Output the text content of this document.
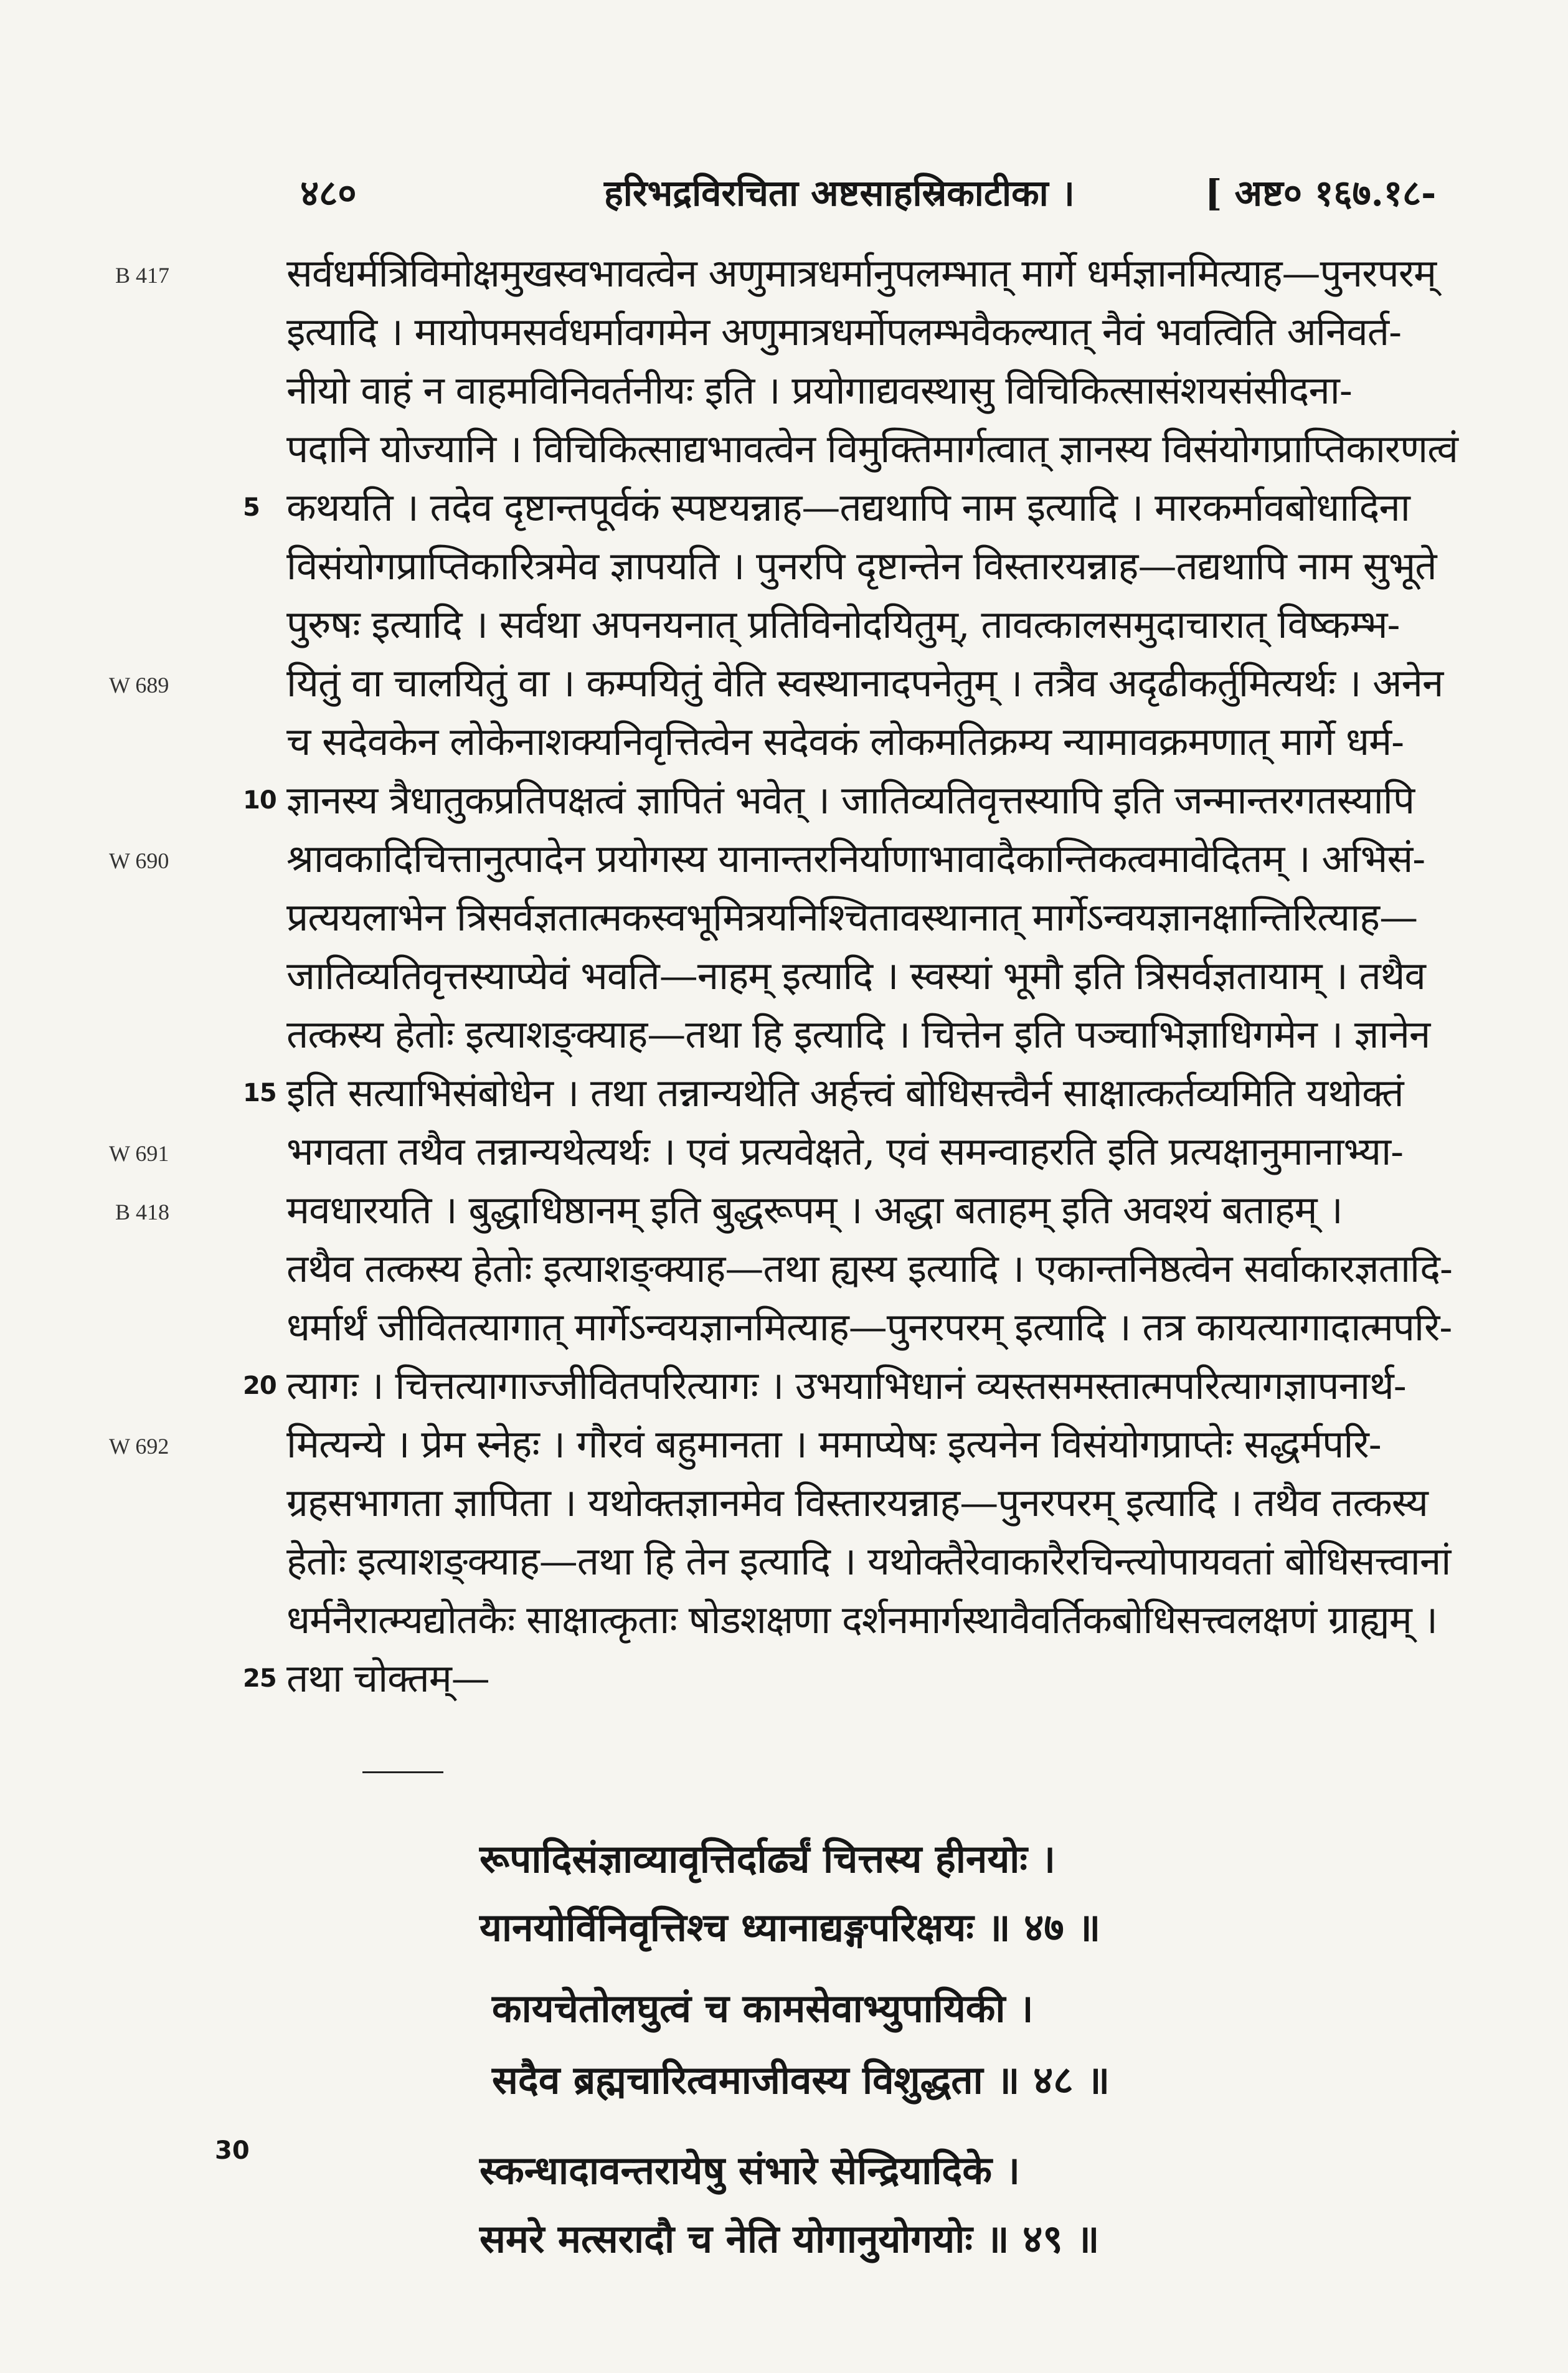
४८०	हरिभद्रविरचिता अष्टसाहस्रिकाटीका ।	[ अष्ट० १६७.१८-
B 417
W 689
W 690
W 691
B 418
W 692
सर्वधर्मत्रिविमोक्षमुखस्वभावत्वेन अणुमात्रधर्मानुपलम्भात् मार्गे धर्मज्ञानमित्याह—पुनरपरम्
इत्यादि । मायोपमसर्वधर्मावगमेन अणुमात्रधर्मोपलम्भवैकल्यात् नैवं भवत्विति अनिवर्त-
नीयो वाहं न वाहमविनिवर्तनीयः इति । प्रयोगाद्यवस्थासु विचिकित्सासंशयसंसीदना-
पदानि योज्यानि । विचिकित्साद्यभावत्वेन विमुक्तिमार्गत्वात् ज्ञानस्य विसंयोगप्राप्तिकारणत्वं
5 कथयति । तदेव दृष्टान्तपूर्वकं स्पष्टयन्नाह—तद्यथापि नाम इत्यादि । मारकर्मावबोधादिना
विसंयोगप्राप्तिकारित्रमेव ज्ञापयति । पुनरपि दृष्टान्तेन विस्तारयन्नाह—तद्यथापि नाम सुभूते
पुरुषः इत्यादि । सर्वथा अपनयनात् प्रतिविनोदयितुम्, तावत्कालसमुदाचारात् विष्कम्भ-
यितुं वा चालयितुं वा । कम्पयितुं वेति स्वस्थानादपनेतुम् । तत्रैव अदृढीकर्तुमित्यर्थः । अनेन
च सदेवकेन लोकेनाशक्यनिवृत्तित्वेन सदेवकं लोकमतिक्रम्य न्यामावक्रमणात् मार्गे धर्म-
10 ज्ञानस्य त्रैधातुकप्रतिपक्षत्वं ज्ञापितं भवेत् । जातिव्यतिवृत्तस्यापि इति जन्मान्तरगतस्यापि
श्रावकादिचित्तानुत्पादेन प्रयोगस्य यानान्तरनिर्याणाभावादैकान्तिकत्वमावेदितम् । अभिसं-
प्रत्ययलाभेन त्रिसर्वज्ञतात्मकस्वभूमित्रयनिश्चितावस्थानात् मार्गेऽन्वयज्ञानक्षान्तिरित्याह—
जातिव्यतिवृत्तस्याप्येवं भवति—नाहम् इत्यादि । स्वस्यां भूमौ इति त्रिसर्वज्ञतायाम् । तथैव
तत्कस्य हेतोः इत्याशङ्क्याह—तथा हि इत्यादि । चित्तेन इति पञ्चाभिज्ञाधिगमेन । ज्ञानेन
15 इति सत्याभिसंबोधेन । तथा तन्नान्यथेति अर्हत्त्वं बोधिसत्त्वैर्न साक्षात्कर्तव्यमिति यथोक्तं
भगवता तथैव तन्नान्यथेत्यर्थः । एवं प्रत्यवेक्षते, एवं समन्वाहरति इति प्रत्यक्षानुमानाभ्या-
मवधारयति । बुद्धाधिष्ठानम् इति बुद्धरूपम् । अद्धा बताहम् इति अवश्यं बताहम् ।
तथैव तत्कस्य हेतोः इत्याशङ्क्याह—तथा ह्यस्य इत्यादि । एकान्तनिष्ठत्वेन सर्वाकारज्ञतादि-
धर्मार्थं जीवितत्यागात् मार्गेऽन्वयज्ञानमित्याह—पुनरपरम् इत्यादि । तत्र कायत्यागादात्मपरि-
20 त्यागः । चित्तत्यागाज्जीवितपरित्यागः । उभयाभिधानं व्यस्तसमस्तात्मपरित्यागज्ञापनार्थ-
मित्यन्ये । प्रेम स्नेहः । गौरवं बहुमानता । ममाप्येषः इत्यनेन विसंयोगप्राप्तेः सद्धर्मपरि-
ग्रहसभागता ज्ञापिता । यथोक्तज्ञानमेव विस्तारयन्नाह—पुनरपरम् इत्यादि । तथैव तत्कस्य
हेतोः इत्याशङ्क्याह—तथा हि तेन इत्यादि । यथोक्तैरेवाकारैरचिन्त्योपायवतां बोधिसत्त्वानां
धर्मनैरात्म्यद्योतकैः साक्षात्कृताः षोडशक्षणा दर्शनमार्गस्थावैवर्तिकबोधिसत्त्वलक्षणं ग्राह्यम् ।
25 तथा चोक्तम्—
रूपादिसंज्ञाव्यावृत्तिर्दार्ढ्यं चित्तस्य हीनयोः ।
यानयोर्विनिवृत्तिश्च ध्यानाद्यङ्गपरिक्षयः ॥ ४७ ॥
कायचेतोलघुत्वं च कामसेवाभ्युपायिकी ।
सदैव ब्रह्मचारित्वमाजीवस्य विशुद्धता ॥ ४८ ॥
स्कन्धादावन्तरायेषु संभारे सेन्द्रियादिके ।
30
समरे मत्सरादौ च नेति योगानुयोगयोः ॥ ४९ ॥
